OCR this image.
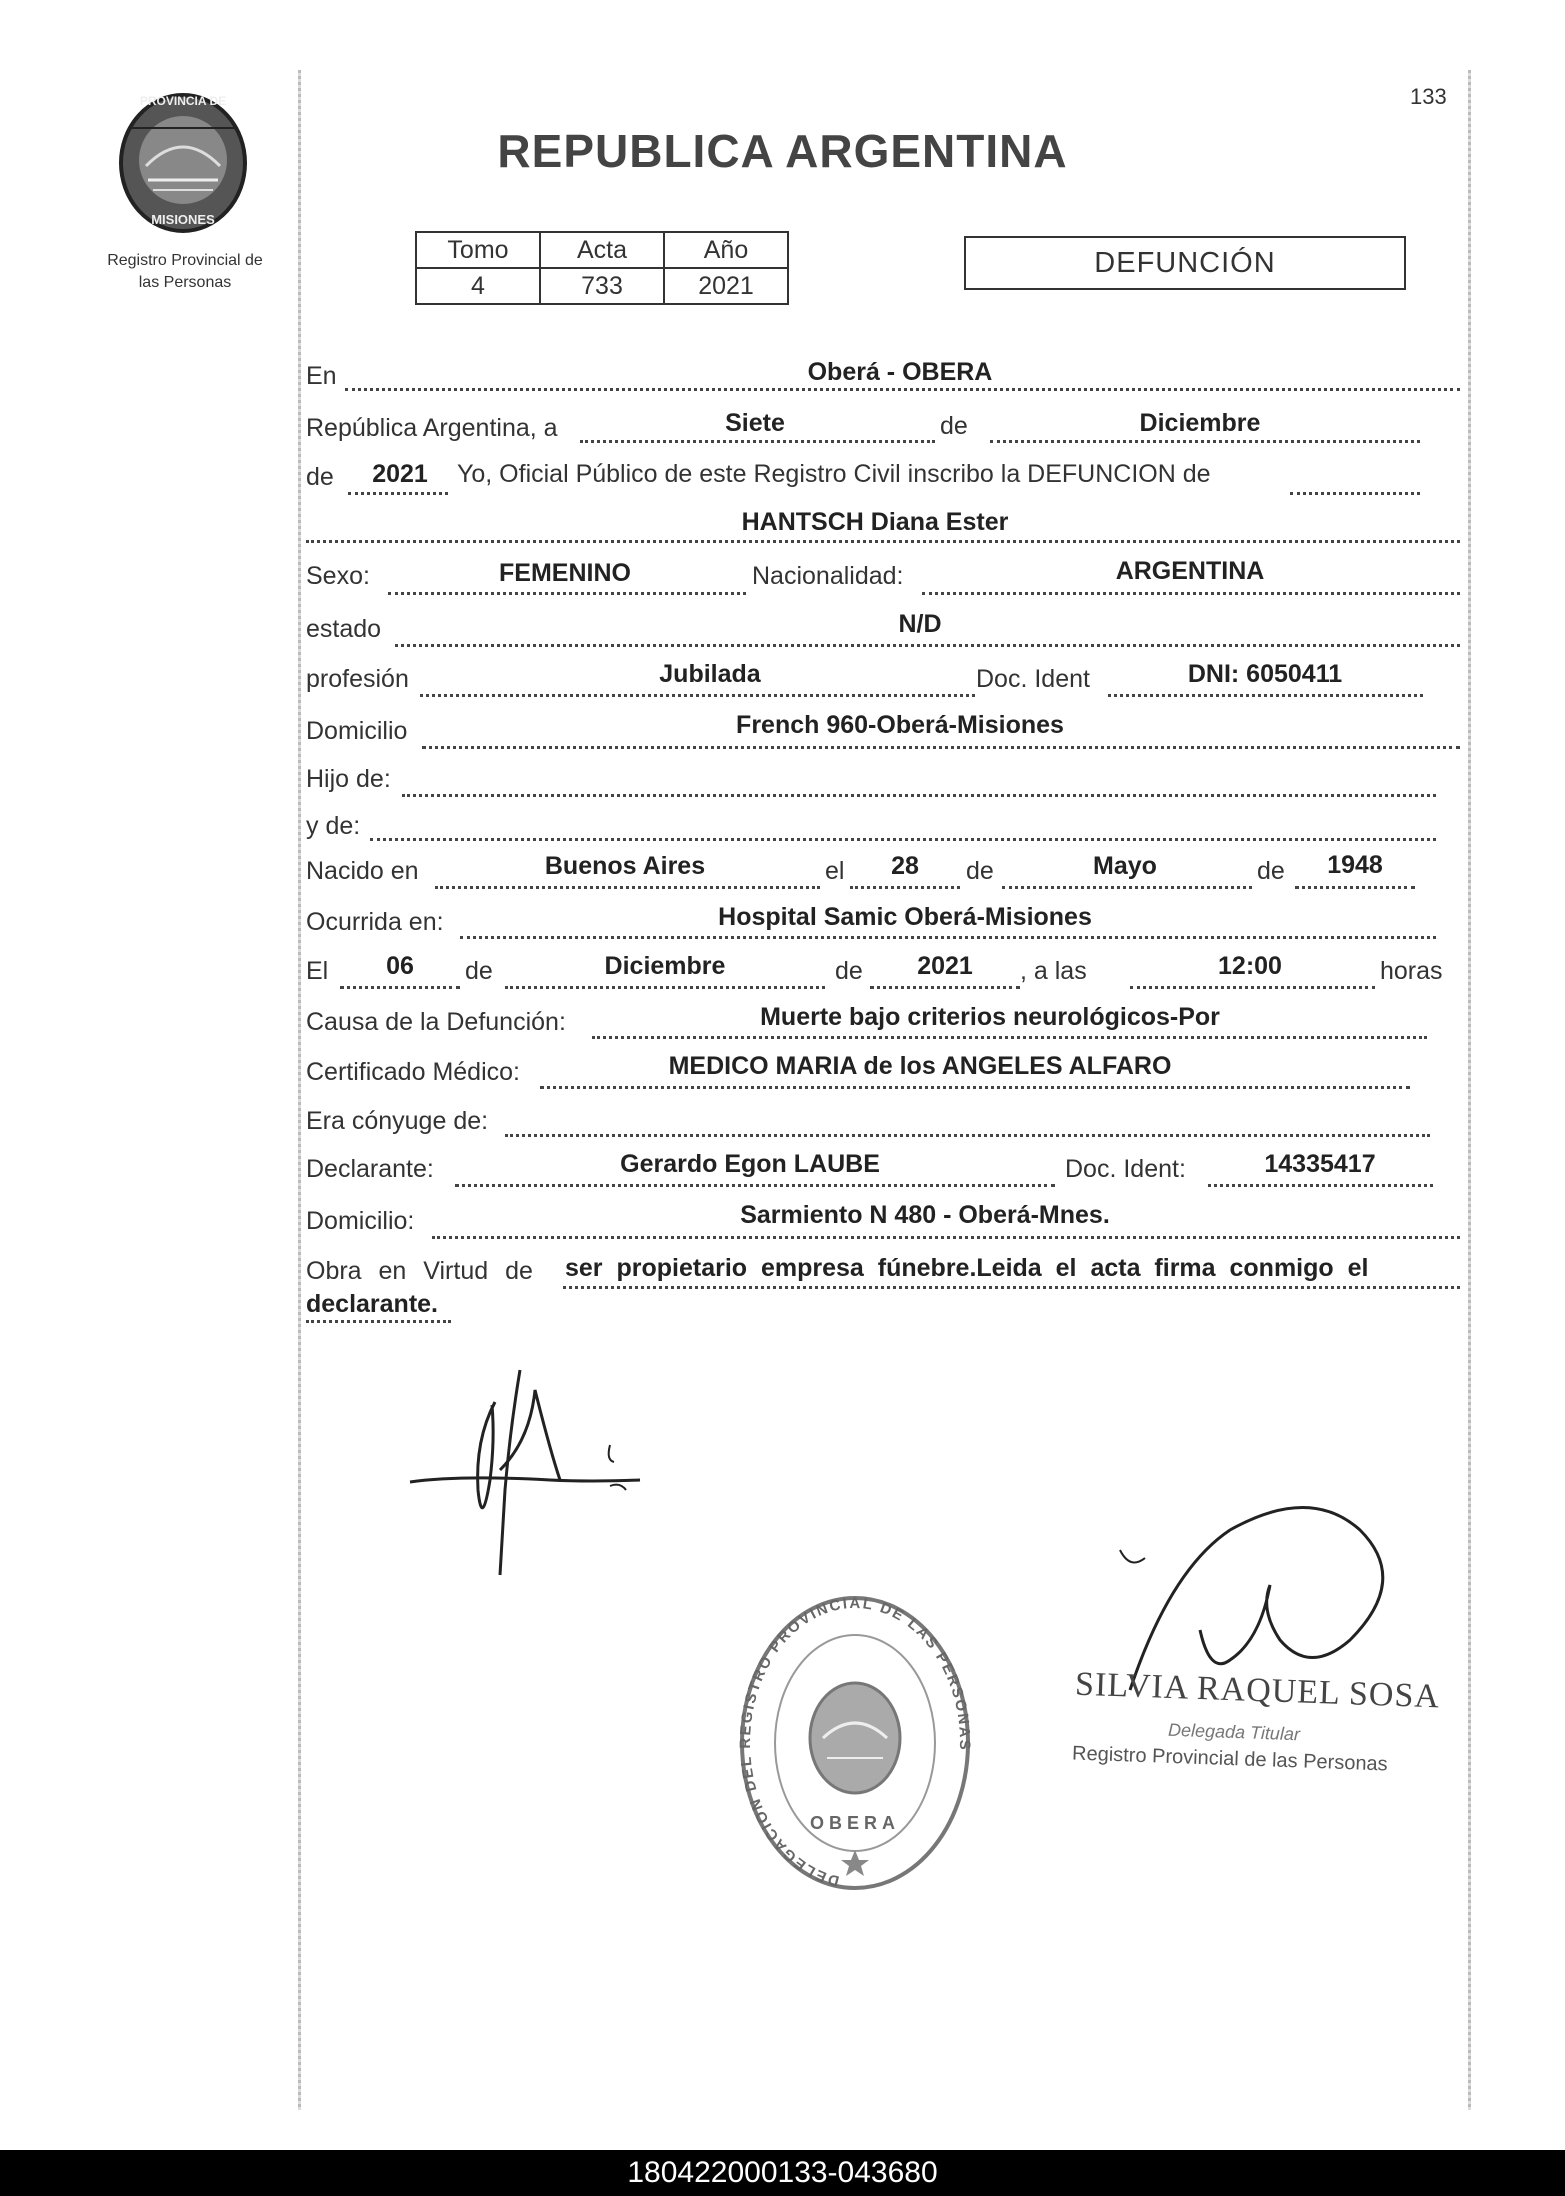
133
PROVINCIA DE
MISIONES
Registro Provincial de
las Personas
REPUBLICA ARGENTINA
Tomo	Acta	Año
4	733	2021
DEFUNCIÓN
En	Oberá - OBERA
República Argentina, a	Siete	de	Diciembre
de	2021	Yo, Oficial Público de este Registro Civil inscribo la DEFUNCION de
HANTSCH Diana Ester
Sexo:	FEMENINO	Nacionalidad:	ARGENTINA
estado	N/D
profesión	Jubilada	Doc. Ident	DNI: 6050411
Domicilio	French 960-Oberá-Misiones
Hijo de:
y de:
Nacido en	Buenos Aires	el	28	de	Mayo	de	1948
Ocurrida en:	Hospital Samic Oberá-Misiones
El	06	de	Diciembre	de	2021	, a las	12:00	horas
Causa de la Defunción:	Muerte bajo criterios neurológicos-Por
Certificado Médico:	MEDICO MARIA de los ANGELES ALFARO
Era cónyuge de:
Declarante:	Gerardo Egon LAUBE	Doc. Ident:	14335417
Domicilio:	Sarmiento N 480 - Oberá-Mnes.
Obra en Virtud de ser propietario empresa fúnebre.Leida el acta firma conmigo el
declarante.
DELEGACION DEL REGISTRO PROVINCIAL DE LAS PERSONAS
OBERA
SILVIA RAQUEL SOSA
Delegada Titular
Registro Provincial de las Personas
180422000133-043680
